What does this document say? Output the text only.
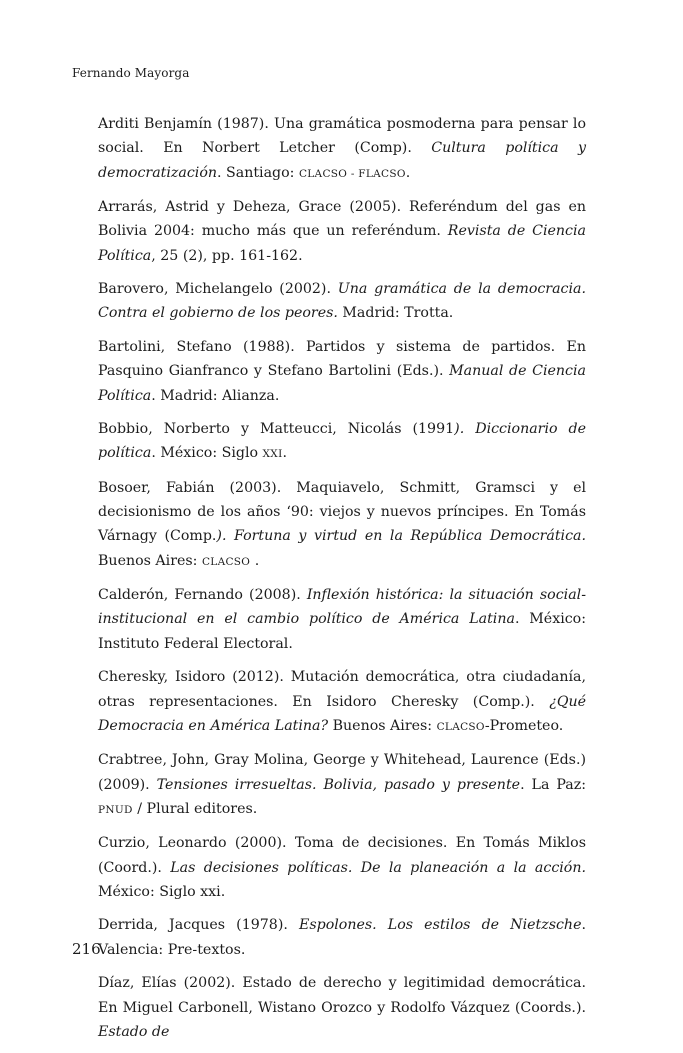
Fernando Mayorga

Arditi Benjamín (1987). Una gramática posmoderna para pensar lo social. En Norbert Letcher (Comp). Cultura política y democratización. Santiago: CLACSO - FLACSO.

Arrarás, Astrid y Deheza, Grace (2005). Referéndum del gas en Bolivia 2004: mucho más que un referéndum. Revista de Ciencia Política, 25 (2), pp. 161-162.

Barovero, Michelangelo (2002). Una gramática de la democracia. Contra el gobierno de los peores. Madrid: Trotta.

Bartolini, Stefano (1988). Partidos y sistema de partidos. En Pasquino Gianfranco y Stefano Bartolini (Eds.). Manual de Ciencia Política. Madrid: Alianza.

Bobbio, Norberto y Matteucci, Nicolás (1991). Diccionario de política. México: Siglo XXI.

Bosoer, Fabián (2003). Maquiavelo, Schmitt, Gramsci y el decisionismo de los años ‘90: viejos y nuevos príncipes. En Tomás Várnagy (Comp.). Fortuna y virtud en la República Democrática. Buenos Aires: CLACSO .

Calderón, Fernando (2008). Inflexión histórica: la situación social-institucional en el cambio político de América Latina. México: Instituto Federal Electoral.

Cheresky, Isidoro (2012). Mutación democrática, otra ciudadanía, otras representaciones. En Isidoro Cheresky (Comp.). ¿Qué Democracia en América Latina? Buenos Aires: CLACSO-Prometeo.

Crabtree, John, Gray Molina, George y Whitehead, Laurence (Eds.) (2009). Tensiones irresueltas. Bolivia, pasado y presente. La Paz: PNUD / Plural editores.

Curzio, Leonardo (2000). Toma de decisiones. En Tomás Miklos (Coord.). Las decisiones políticas. De la planeación a la acción. México: Siglo xxi.

Derrida, Jacques (1978). Espolones. Los estilos de Nietzsche. Valencia: Pre-textos.

Díaz, Elías (2002). Estado de derecho y legitimidad democrática. En Miguel Carbonell, Wistano Orozco y Rodolfo Vázquez (Coords.). Estado de

216
